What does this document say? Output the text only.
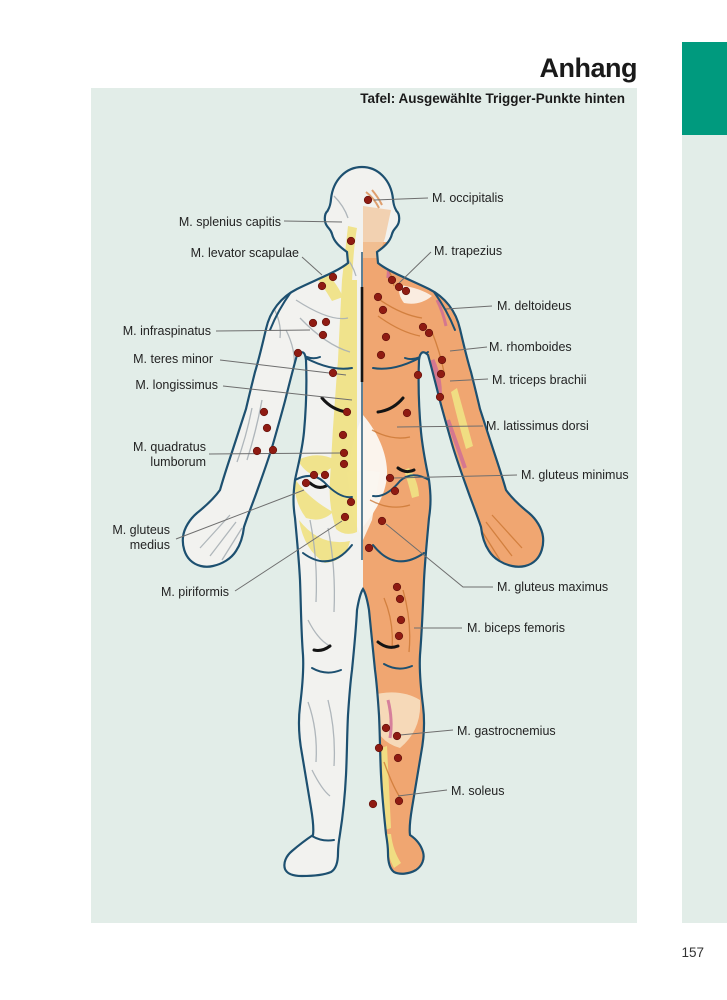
Anhang
Tafel: Ausgewählte Trigger-Punkte hinten
157
M. splenius capitis
M. levator scapulae
M. infraspinatus
M. teres minor
M. longissimus
M. quadratus lumborum
M. gluteus medius
M. piriformis
M. occipitalis
M. trapezius
M. deltoideus
M. rhomboides
M. triceps brachii
M. latissimus dorsi
M. gluteus minimus
M. gluteus maximus
M. biceps femoris
M. gastrocnemius
M. soleus
